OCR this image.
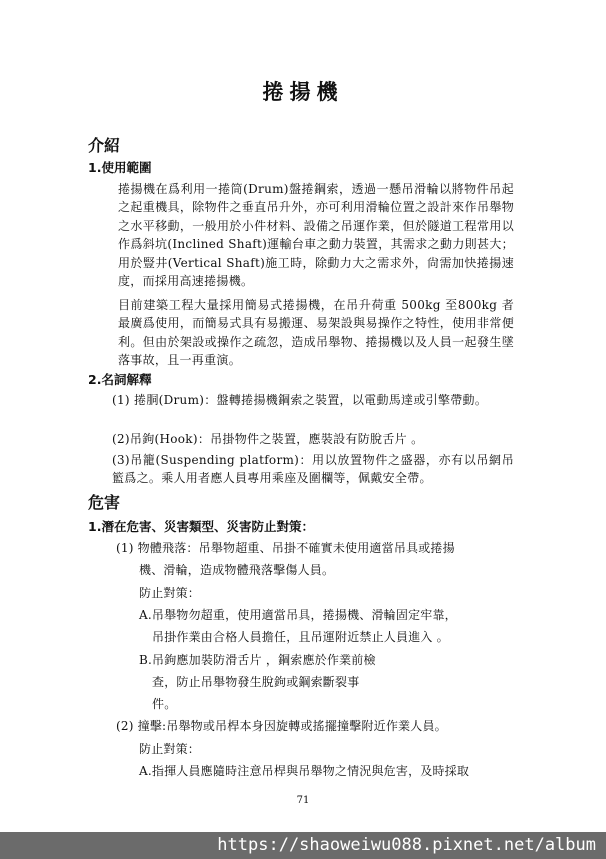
捲揚機
介紹
1.使用範圍
捲揚機在爲利用一捲筒(Drum)盤捲鋼索，透過一懸吊滑輪以將物件吊起之起重機具，除物件之垂直吊升外，亦可利用滑輪位置之設計來作吊舉物之水平移動，一般用於小件材料、設備之吊運作業，但於隧道工程常用以作爲斜坑(Inclined Shaft)運輸台車之動力裝置，其需求之動力則甚大；用於豎井(Vertical Shaft)施工時，除動力大之需求外，尙需加快捲揚速度，而採用高速捲揚機。
目前建築工程大量採用簡易式捲揚機，在吊升荷重 500kg 至800kg 者最廣爲使用，而簡易式具有易搬運、易架設與易操作之特性，使用非常便利。但由於架設或操作之疏忽，造成吊舉物、捲揚機以及人員一起發生墜落事故，且一再重演。
2.名詞解釋
(1) 捲胴(Drum)：盤轉捲揚機鋼索之裝置，以電動馬達或引擎帶動。
(2)吊鉤(Hook)：吊掛物件之裝置，應裝設有防脫舌片 。
(3)吊籠(Suspending platform)：用以放置物件之盛器，亦有以吊網吊籃爲之。乘人用者應人員專用乘座及圍欄等，佩戴安全帶。
危害
1.潛在危害、災害類型、災害防止對策：
(1) 物體飛落：吊舉物超重、吊掛不確實未使用適當吊具或捲揚
機、滑輪，造成物體飛落擊傷人員。
防止對策：
A.吊舉物勿超重，使用適當吊具，捲揚機、滑輪固定牢靠，
吊掛作業由合格人員擔任，且吊運附近禁止人員進入 。
B.吊鉤應加裝防滑舌片 ，鋼索應於作業前檢
查，防止吊舉物發生脫鉤或鋼索斷裂事
件。
(2) 撞擊:吊舉物或吊桿本身因旋轉或搖擺撞擊附近作業人員。
防止對策：
A.指揮人員應隨時注意吊桿與吊舉物之情況與危害，及時採取
71
https://shaoweiwu088.pixnet.net/album
